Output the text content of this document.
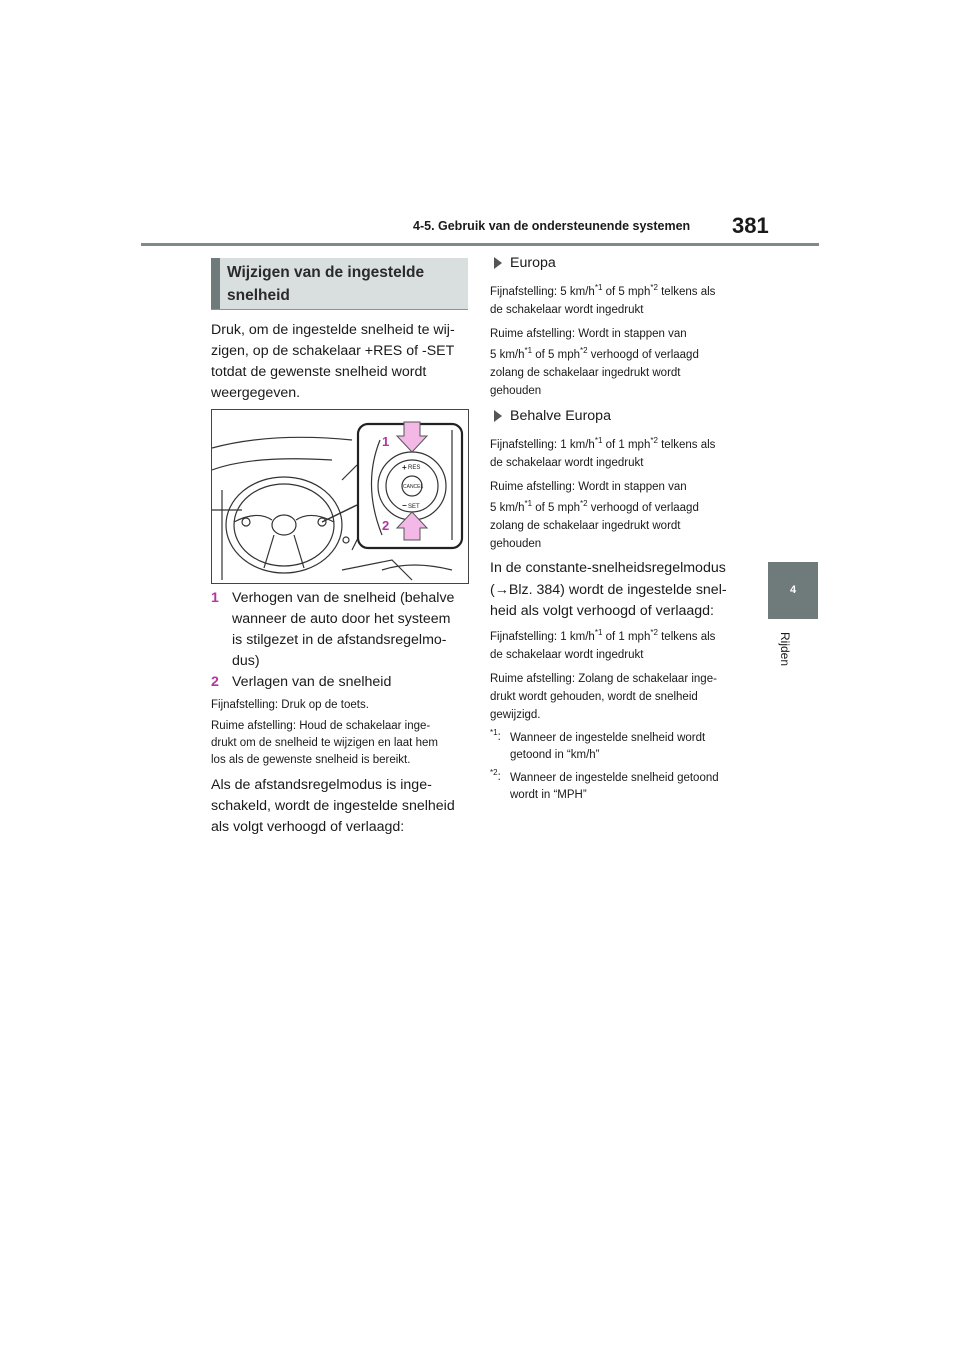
4-5. Gebruik van de ondersteunende systemen 381
4
Rijden
Wijzigen van de ingestelde snelheid
Druk, om de ingestelde snelheid te wij-
zigen, op de schakelaar +RES of -SET
totdat de gewenste snelheid wordt
weergegeven.
RES
+
CANCEL
SET
−
1
2
1 Verhogen van de snelheid (behalve
wanneer de auto door het systeem
is stilgezet in de afstandsregelmo-
dus)
2 Verlagen van de snelheid
Fijnafstelling: Druk op de toets.
Ruime afstelling: Houd de schakelaar inge-
drukt om de snelheid te wijzigen en laat hem
los als de gewenste snelheid is bereikt.
Als de afstandsregelmodus is inge-
schakeld, wordt de ingestelde snelheid
als volgt verhoogd of verlaagd:
Europa
Fijnafstelling: 5 $km/h^{*1}$ of 5 mph$^{*2}$ telkens als
de schakelaar wordt ingedrukt
Ruime afstelling: Wordt in stappen van
5 $km/h^{*1}$ of 5 mph$^{*2}$ verhoogd of verlaagd
zolang de schakelaar ingedrukt wordt
gehouden
Behalve Europa
Fijnafstelling: 1 $km/h^{*1}$ of 1 mph$^{*2}$ telkens als
de schakelaar wordt ingedrukt
Ruime afstelling: Wordt in stappen van
5 $km/h^{*1}$ of 5 mph$^{*2}$ verhoogd of verlaagd
zolang de schakelaar ingedrukt wordt
gehouden
In de constante-snelheidsregelmodus
(→Blz. 384) wordt de ingestelde snel-
heid als volgt verhoogd of verlaagd:
Fijnafstelling: 1 $km/h^{*1}$ of 1 mph$^{*2}$ telkens als
de schakelaar wordt ingedrukt
Ruime afstelling: Zolang de schakelaar inge-
drukt wordt gehouden, wordt de snelheid
gewijzigd.
$^{*1}$: Wanneer de ingestelde snelheid wordt
getoond in “km/h”
$^{*2}$: Wanneer de ingestelde snelheid getoond
wordt in “MPH”
